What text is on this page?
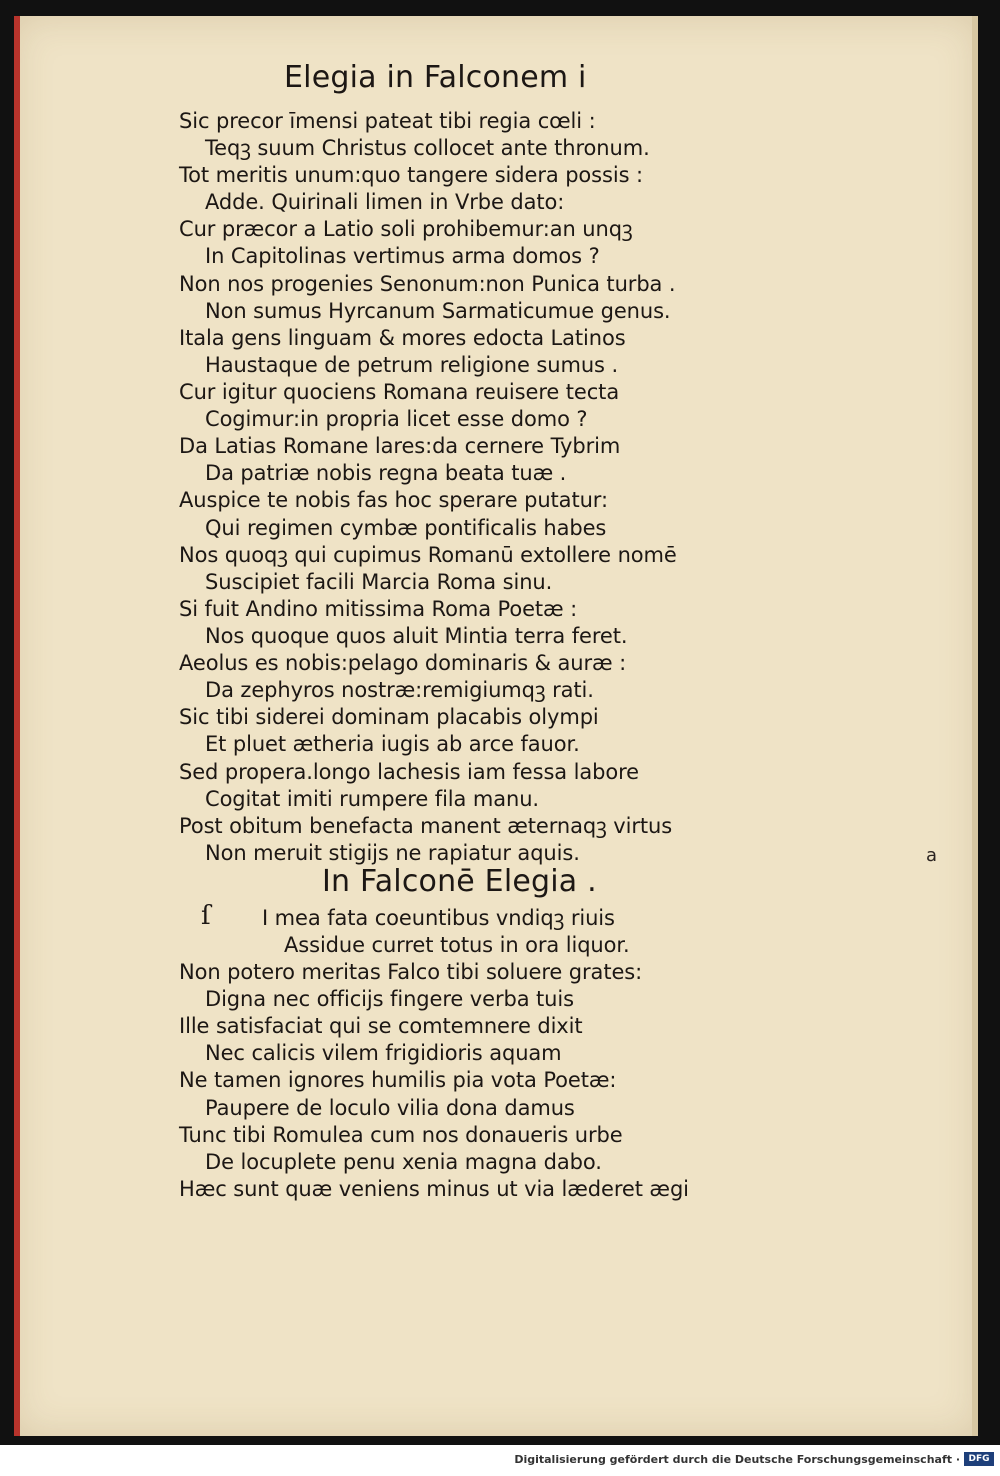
Elegia in Falconem i
Sic precor īmensi pateat tibi regia cœli :
Teqꝫ suum Christus collocet ante thronum.
Tot meritis unum:quo tangere sidera possis :
Adde. Quirinali limen in Vrbe dato:
Cur præcor a Latio soli prohibemur:an unqꝫ
In Capitolinas vertimus arma domos ?
Non nos progenies Senonum:non Punica turba .
Non sumus Hyrcanum Sarmaticumue genus.
Itala gens linguam & mores edocta Latinos
Haustaque de petrum religione sumus .
Cur igitur quociens Romana reuisere tecta
Cogimur:in propria licet esse domo ?
Da Latias Romane lares:da cernere Tybrim
Da patriæ nobis regna beata tuæ .
Auspice te nobis fas hoc sperare putatur:
Qui regimen cymbæ pontificalis habes
Nos quoqꝫ qui cupimus Romanū extollere nomē
Suscipiet facili Marcia Roma sinu.
Si fuit Andino mitissima Roma Poetæ :
Nos quoque quos aluit Mintia terra feret.
Aeolus es nobis:pelago dominaris & auræ :
Da zephyros nostræ:remigiumqꝫ rati.
Sic tibi siderei dominam placabis olympi
Et pluet ætheria iugis ab arce fauor.
Sed propera.longo lachesis iam fessa labore
Cogitat imiti rumpere fila manu.
Post obitum benefacta manent æternaqꝫ virtus
Non meruit stigijs ne rapiatur aquis.	a
In Falconē Elegia .
ſ I mea fata coeuntibus vndiqꝫ riuis
Assidue curret totus in ora liquor.
Non potero meritas Falco tibi soluere grates:
Digna nec officijs fingere verba tuis
Ille satisfaciat qui se comtemnere dixit
Nec calicis vilem frigidioris aquam
Ne tamen ignores humilis pia vota Poetæ:
Paupere de loculo vilia dona damus
Tunc tibi Romulea cum nos donaueris urbe
De locuplete penu xenia magna dabo.
Hæc sunt quæ veniens minus ut via læderet ægi
Digitalisierung gefördert durch die Deutsche Forschungsgemeinschaft · DFG
